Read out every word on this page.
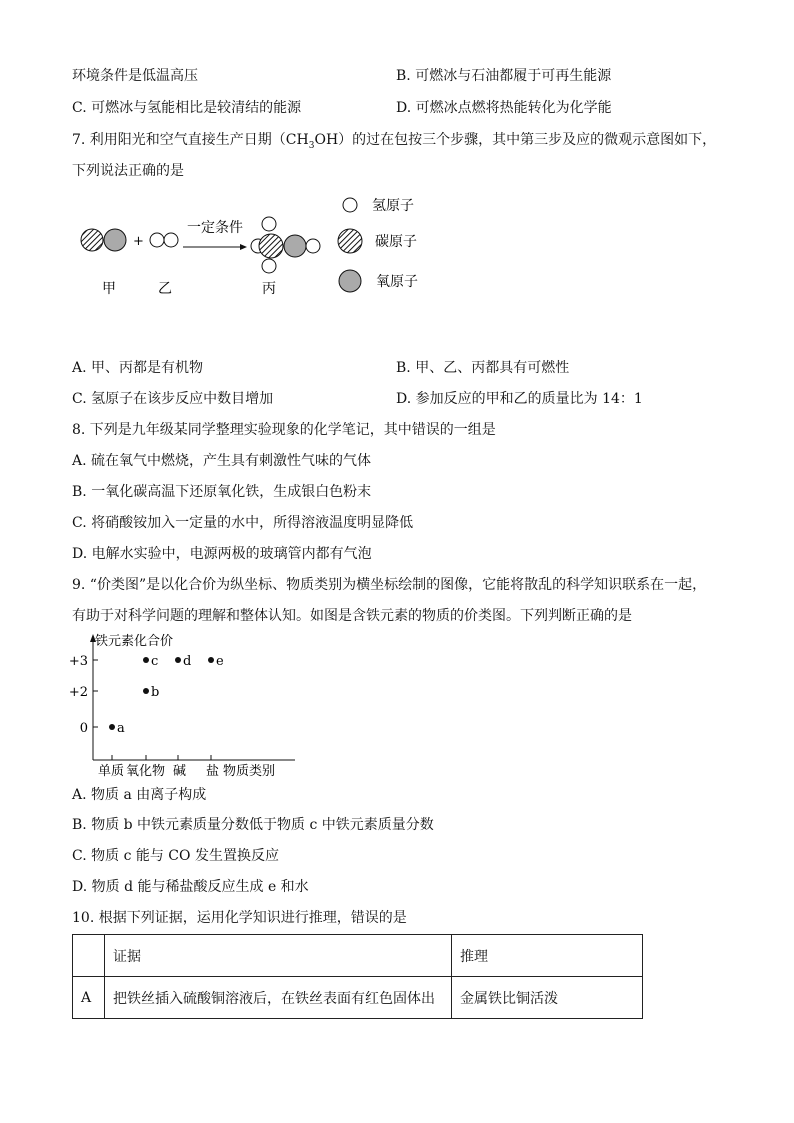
环境条件是低温高压	B. 可燃冰与石油都履于可再生能源
C. 可燃冰与氢能相比是较清结的能源	D. 可燃冰点燃将热能转化为化学能
7. 利用阳光和空气直接生产日期$(CH_3OH)$的过在包按三个步骤，其中第三步及应的微观示意图如下，
下列说法正确的是
+
一定条件
甲	乙	丙
氢原子
碳原子
氧原子
A. 甲、丙都是有机物	B. 甲、乙、丙都具有可燃性
C. 氢原子在该步反应中数目增加	D. 参加反应的甲和乙的质量比为 14：1
8. 下列是九年级某同学整理实验现象的化学笔记，其中错误的一组是
A. 硫在氧气中燃烧，产生具有刺激性气味的气体
B. 一氧化碳高温下还原氧化铁，生成银白色粉末
C. 将硝酸铵加入一定量的水中，所得溶液温度明显降低
D. 电解水实验中，电源两极的玻璃管内都有气泡
9. “价类图”是以化合价为纵坐标、物质类别为横坐标绘制的图像，它能将散乱的科学知识联系在一起，
有助于对科学问题的理解和整体认知。如图是含铁元素的物质的价类图。下列判断正确的是
铁元素化合价
+3
+2
0
单质 氧化物 碱 盐
a
b
c d e
物质类别
A. 物质 a 由离子构成
B. 物质 b 中铁元素质量分数低于物质 c 中铁元素质量分数
C. 物质 c 能与 CO 发生置换反应
D. 物质 d 能与稀盐酸反应生成 e 和水
10. 根据下列证据，运用化学知识进行推理，错误的是
	证据	推理
A	把铁丝插入硫酸铜溶液后，在铁丝表面有红色固体出	金属铁比铜活泼
